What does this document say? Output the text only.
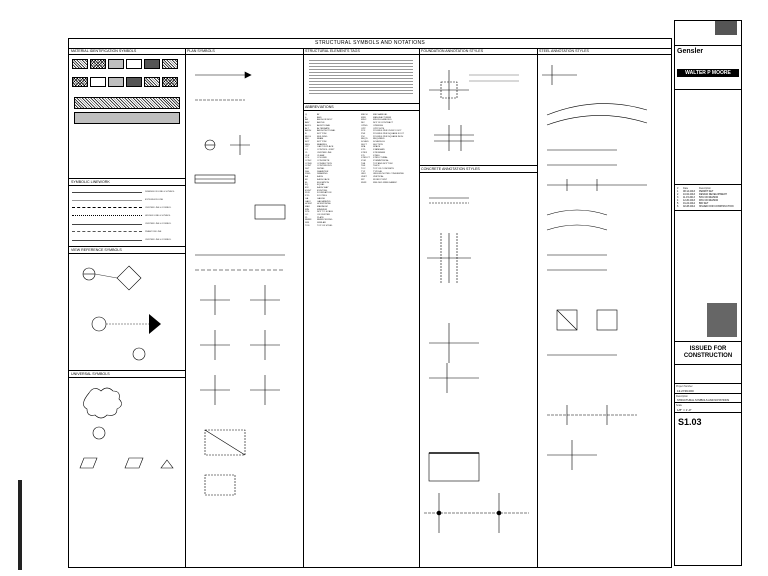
STRUCTURAL SYMBOLS AND NOTATIONS
MATERIAL IDENTIFICATION SYMBOLS
SYMBOLIC LINEWORK
DIMENSION LINE & SYMBOL
EXTENSION LINE
CENTER LINE & SYMBOL
HIDDEN LINE & SYMBOL
CENTER LINE & SYMBOL
PHANTOM LINE
CENTER LINE & SYMBOL
VIEW REFERENCE SYMBOLS
UNIVERSAL SYMBOLS
PLAN SYMBOLS	STRUCTURAL ELEMENTS TAGS
ABBREVIATIONS
@	AT
&	AND
AB	ANCHOR BOLT
ABV	ABOVE
ADD'L	ADDITIONAL
ALT	ALTERNATE
ARCH	ARCHITECTURAL
B	BOTTOM
BLDG	BUILDING
BM	BEAM
BOT	BOTTOM
BRG	BEARING
CIP	CAST IN PLACE
CJ	CONTROL JOINT
CL	CENTER LINE
CLR	CLEAR
COL	COLUMN
CONC	CONCRETE
CONN	CONNECTION
CONT	CONTINUOUS
DET	DETAIL
DIA	DIAMETER
DWG	DRAWING
EA	EACH
EF	EACH FACE
EL	ELEVATION
EQ	EQUAL
EW	EACH WAY
EXIST	EXISTING
FDN	FOUNDATION
FTG	FOOTING
GA	GAUGE
GALV	GALVANIZED
HORIZ	HORIZONTAL
MAX	MAXIMUM
MIN	MINIMUM
NTS	NOT TO SCALE
OC	ON CENTER
PL	PLATE
REINF	REINFORCING
SIM	SIMILAR
TOS	TOP OF STEEL
MECH	MECHANICAL
MFR	MANUFACTURER
MISC	MISCELLANEOUS
NIC	NOT IN CONTRACT
OPNG	OPENING
OPP	OPPOSITE
PCF	POUNDS PER CUBIC FOOT
PSF	POUNDS PER SQUARE FOOT
PSI	POUNDS PER SQUARE INCH
REQ'D	REQUIRED
SCHED	SCHEDULE
SECT	SECTION
SPA	SPACE
STD	STANDARD
STIFF	STIFFENER
STL	STEEL
STRUCT	STRUCTURAL
SYM	SYMMETRICAL
T&B	TOP AND BOTTOM
THK	THICK
TOC	TOP OF CONCRETE
TYP	TYPICAL
UNO	UNLESS NOTED OTHERWISE
VERT	VERTICAL
WP	WORK POINT
WWF	WELDED WIRE FABRIC
FOUNDATION ANNOTATION STYLES
CONCRETE ANNOTATION STYLES
STEEL ANNOTATION STYLES	Gensler
WALTER P MOORE
#	Date	Description
1	08.14.2013	PERMIT SET
2	10.02.2013	DESIGN DEVELOPMENT
3	11.15.2013	50% CD REVIEW
4	12.20.2013	90% CD REVIEW
5	01.24.2014	BID SET
6	02.28.2014	ISSUED FOR CONSTRUCTION
ISSUED FOR CONSTRUCTION
Project Number
13.2749.000
Description
STRUCTURAL SYMBOLS AND NOTATIONS
Scale
1/8" = 1'-0"
S1.03
